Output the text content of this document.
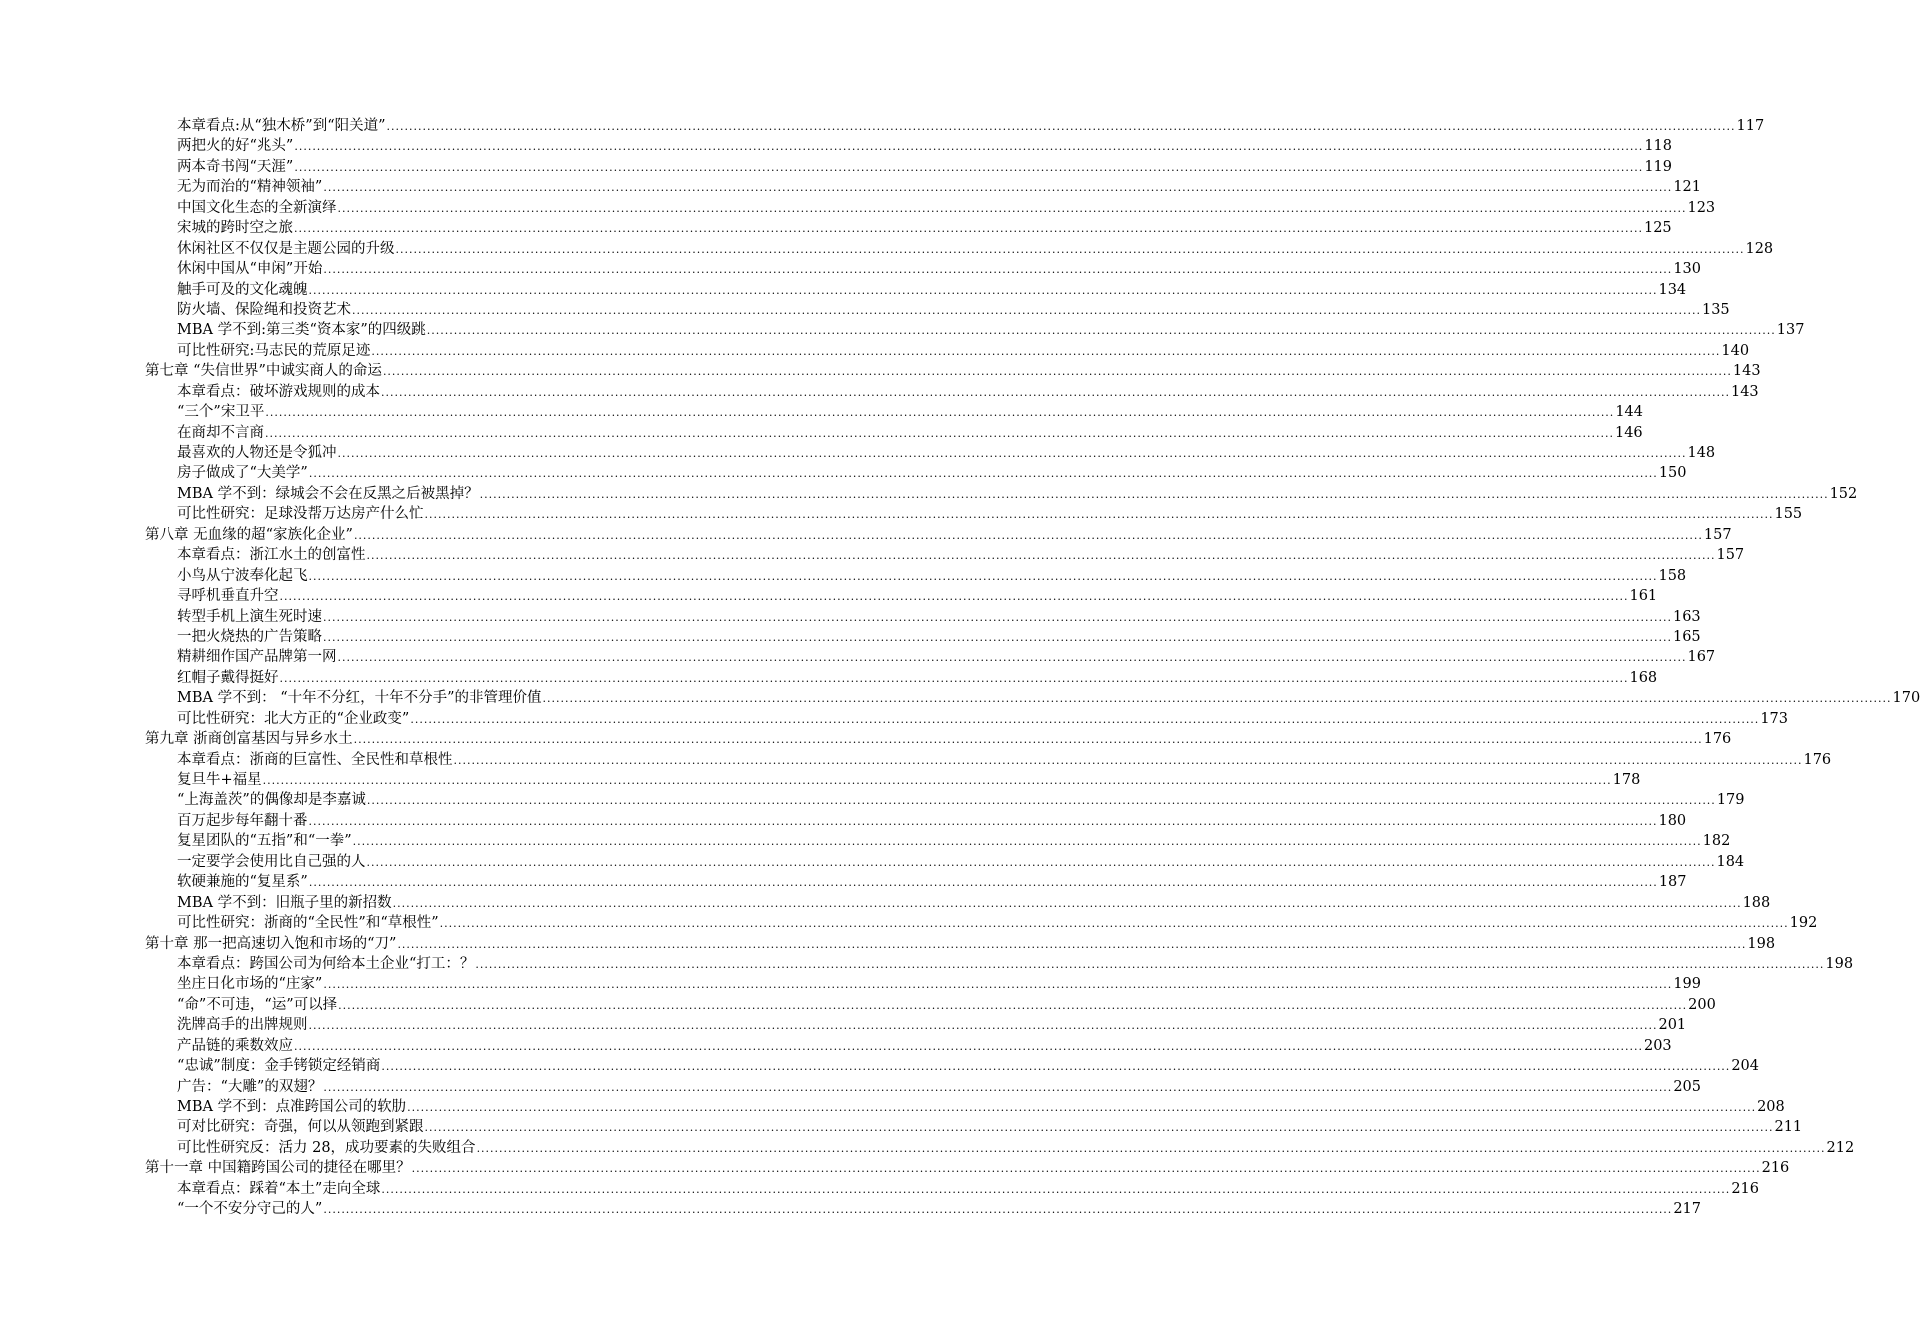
本章看点:从“独木桥”到“阳关道” ............................................................................................................................................................................................................................................................................................................ 117
两把火的好“兆头” ............................................................................................................................................................................................................................................................................................................ 118
两本奇书闯“天涯” ............................................................................................................................................................................................................................................................................................................ 119
无为而治的“精神领袖” ............................................................................................................................................................................................................................................................................................................ 121
中国文化生态的全新演绎 ............................................................................................................................................................................................................................................................................................................ 123
宋城的跨时空之旅 ............................................................................................................................................................................................................................................................................................................ 125
休闲社区不仅仅是主题公园的升级 ............................................................................................................................................................................................................................................................................................................ 128
休闲中国从“申闲”开始 ............................................................................................................................................................................................................................................................................................................ 130
触手可及的文化魂魄 ............................................................................................................................................................................................................................................................................................................ 134
防火墙、保险绳和投资艺术 ............................................................................................................................................................................................................................................................................................................ 135
MBA 学不到:第三类“资本家”的四级跳 ............................................................................................................................................................................................................................................................................................................ 137
可比性研究:马志民的荒原足迹 ............................................................................................................................................................................................................................................................................................................ 140
第七章 “失信世界”中诚实商人的命运 ............................................................................................................................................................................................................................................................................................................ 143
本章看点：破坏游戏规则的成本 ............................................................................................................................................................................................................................................................................................................ 143
“三个”宋卫平 ............................................................................................................................................................................................................................................................................................................ 144
在商却不言商 ............................................................................................................................................................................................................................................................................................................ 146
最喜欢的人物还是令狐冲 ............................................................................................................................................................................................................................................................................................................ 148
房子做成了“大美学” ............................................................................................................................................................................................................................................................................................................ 150
MBA 学不到：绿城会不会在反黑之后被黑掉？ ............................................................................................................................................................................................................................................................................................................ 152
可比性研究：足球没帮万达房产什么忙 ............................................................................................................................................................................................................................................................................................................ 155
第八章 无血缘的超“家族化企业” ............................................................................................................................................................................................................................................................................................................ 157
本章看点：浙江水土的创富性 ............................................................................................................................................................................................................................................................................................................ 157
小鸟从宁波奉化起飞 ............................................................................................................................................................................................................................................................................................................ 158
寻呼机垂直升空 ............................................................................................................................................................................................................................................................................................................ 161
转型手机上演生死时速 ............................................................................................................................................................................................................................................................................................................ 163
一把火烧热的广告策略 ............................................................................................................................................................................................................................................................................................................ 165
精耕细作国产品牌第一网 ............................................................................................................................................................................................................................................................................................................ 167
红帽子戴得挺好 ............................................................................................................................................................................................................................................................................................................ 168
MBA 学不到： “十年不分红，十年不分手”的非管理价值 ............................................................................................................................................................................................................................................................................................................ 170
可比性研究：北大方正的“企业政变” ............................................................................................................................................................................................................................................................................................................ 173
第九章 浙商创富基因与异乡水土 ............................................................................................................................................................................................................................................................................................................ 176
本章看点：浙商的巨富性、全民性和草根性 ............................................................................................................................................................................................................................................................................................................ 176
复旦牛+福星 ............................................................................................................................................................................................................................................................................................................ 178
“上海盖茨”的偶像却是李嘉诚 ............................................................................................................................................................................................................................................................................................................ 179
百万起步每年翻十番 ............................................................................................................................................................................................................................................................................................................ 180
复星团队的“五指”和“一拳” ............................................................................................................................................................................................................................................................................................................ 182
一定要学会使用比自己强的人 ............................................................................................................................................................................................................................................................................................................ 184
软硬兼施的“复星系” ............................................................................................................................................................................................................................................................................................................ 187
MBA 学不到：旧瓶子里的新招数 ............................................................................................................................................................................................................................................................................................................ 188
可比性研究：浙商的“全民性”和“草根性” ............................................................................................................................................................................................................................................................................................................ 192
第十章 那一把高速切入饱和市场的“刀” ............................................................................................................................................................................................................................................................................................................ 198
本章看点：跨国公司为何给本土企业“打工：？ ............................................................................................................................................................................................................................................................................................................ 198
坐庄日化市场的“庄家” ............................................................................................................................................................................................................................................................................................................ 199
“命”不可违，“运”可以择 ............................................................................................................................................................................................................................................................................................................ 200
洗牌高手的出牌规则 ............................................................................................................................................................................................................................................................................................................ 201
产品链的乘数效应 ............................................................................................................................................................................................................................................................................................................ 203
“忠诚”制度：金手铐锁定经销商 ............................................................................................................................................................................................................................................................................................................ 204
广告：“大雕”的双翅？ ............................................................................................................................................................................................................................................................................................................ 205
MBA 学不到：点准跨国公司的软肋 ............................................................................................................................................................................................................................................................................................................ 208
可对比研究：奇强，何以从领跑到紧跟 ............................................................................................................................................................................................................................................................................................................ 211
可比性研究反：活力 28，成功要素的失败组合 ............................................................................................................................................................................................................................................................................................................ 212
第十一章 中国籍跨国公司的捷径在哪里？ ............................................................................................................................................................................................................................................................................................................ 216
本章看点：踩着“本土”走向全球 ............................................................................................................................................................................................................................................................................................................ 216
“一个不安分守己的人” ............................................................................................................................................................................................................................................................................................................ 217
